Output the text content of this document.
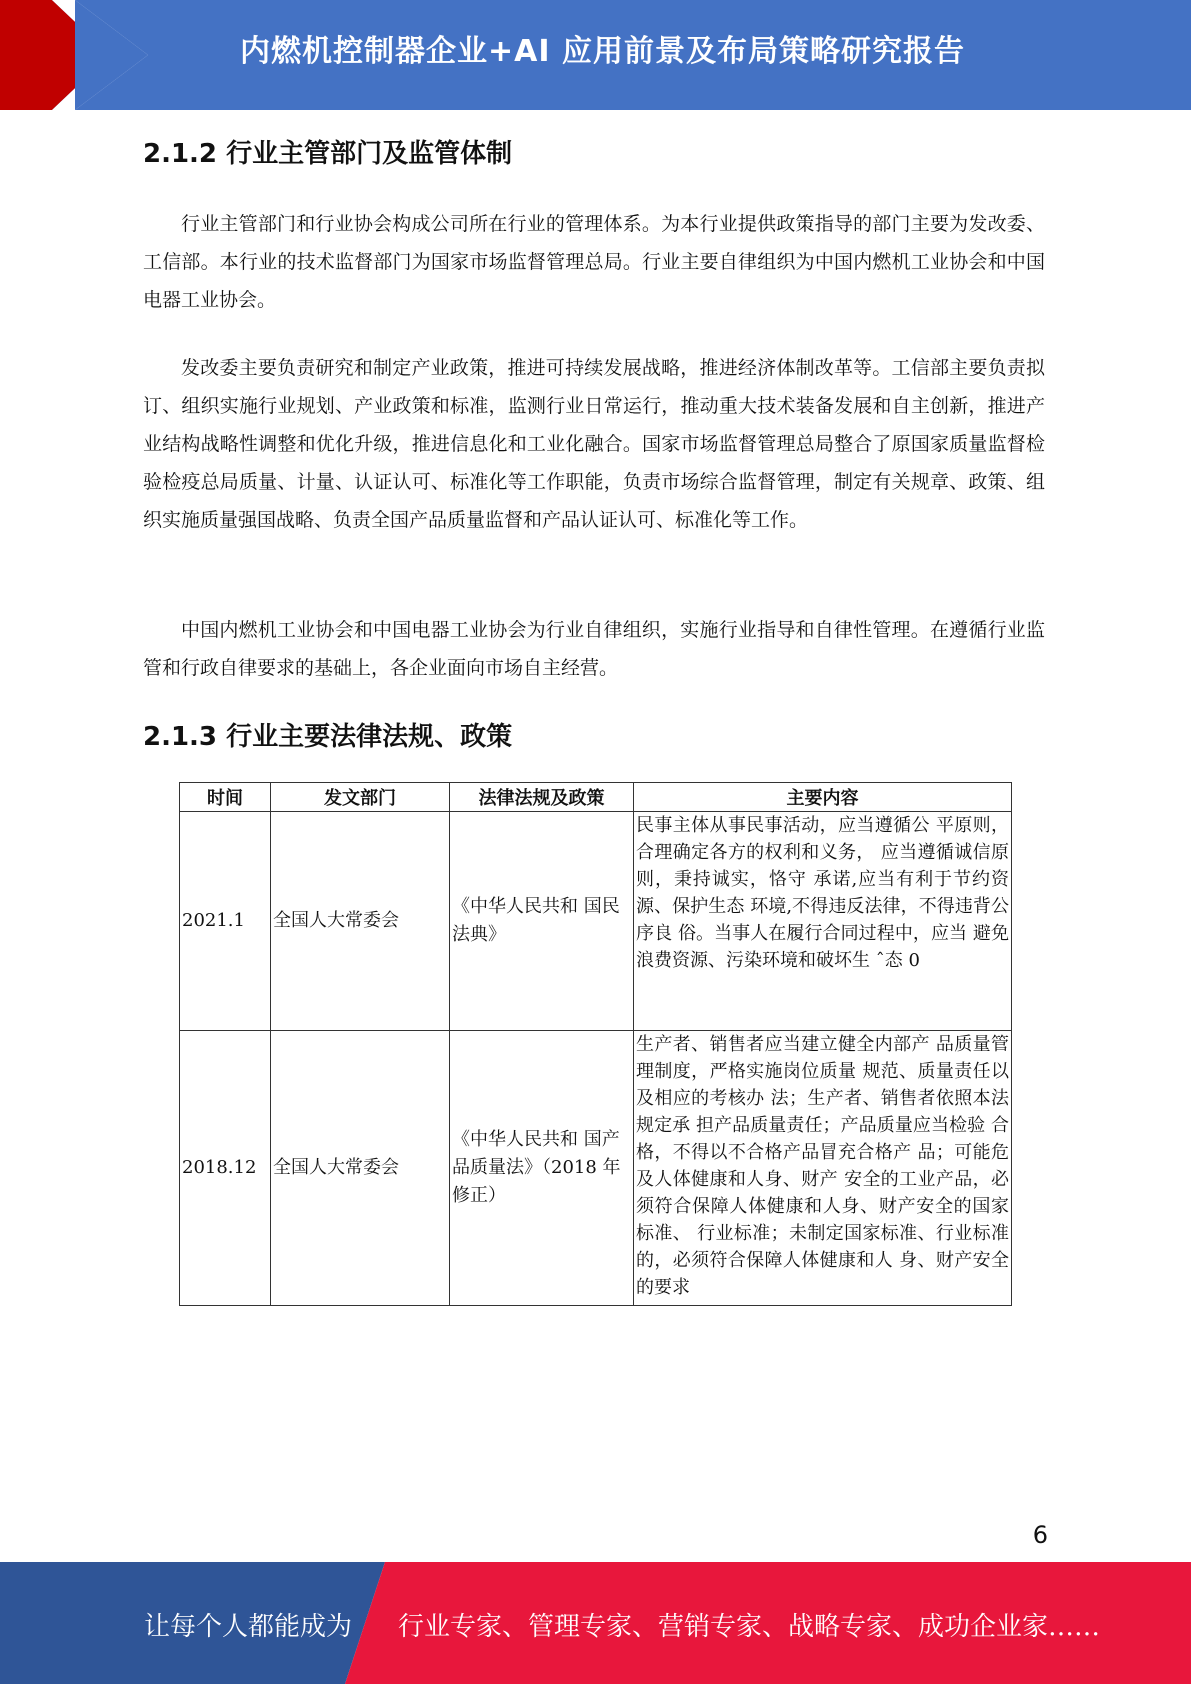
内燃机控制器企业+AI 应用前景及布局策略研究报告
2.1.2 行业主管部门及监管体制

行业主管部门和行业协会构成公司所在行业的管理体系。为本行业提供政策指导的部门主要为发改委、工信部。本行业的技术监督部门为国家市场监督管理总局。行业主要自律组织为中国内燃机工业协会和中国电器工业协会。

发改委主要负责研究和制定产业政策，推进可持续发展战略，推进经济体制改革等。工信部主要负责拟订、组织实施行业规划、产业政策和标准，监测行业日常运行，推动重大技术装备发展和自主创新，推进产业结构战略性调整和优化升级，推进信息化和工业化融合。国家市场监督管理总局整合了原国家质量监督检验检疫总局质量、计量、认证认可、标准化等工作职能，负责市场综合监督管理，制定有关规章、政策、组织实施质量强国战略、负责全国产品质量监督和产品认证认可、标准化等工作。

中国内燃机工业协会和中国电器工业协会为行业自律组织，实施行业指导和自律性管理。在遵循行业监管和行政自律要求的基础上，各企业面向市场自主经营。

2.1.3 行业主要法律法规、政策
时间	发文部门	法律法规及政策	主要内容
2021.1	全国人大常委会	《中华人民共和 国民法典》	民事主体从事民事活动，应当遵循公 平原则，合理确定各方的权利和义务， 应当遵循诚信原则，秉持诚实，恪守 承诺,应当有利于节约资源、保护生态 环境,不得违反法律，不得违背公序良 俗。当事人在履行合同过程中，应当 避免浪费资源、污染环境和破坏生 ˆ态 0
2018.12	全国人大常委会	《中华人民共和 国产品质量法》（2018 年修正）	生产者、销售者应当建立健全内部产 品质量管理制度，严格实施岗位质量 规范、质量责任以及相应的考核办 法；生产者、销售者依照本法规定承 担产品质量责任；产品质量应当检验 合格，不得以不合格产品冒充合格产 品；可能危及人体健康和人身、财产 安全的工业产品，必须符合保障人体健康和人身、财产安全的国家标准、 行业标准；未制定国家标准、行业标准的，必须符合保障人体健康和人 身、财产安全的要求
6
让每个人都能成为 行业专家、管理专家、营销专家、战略专家、成功企业家……
